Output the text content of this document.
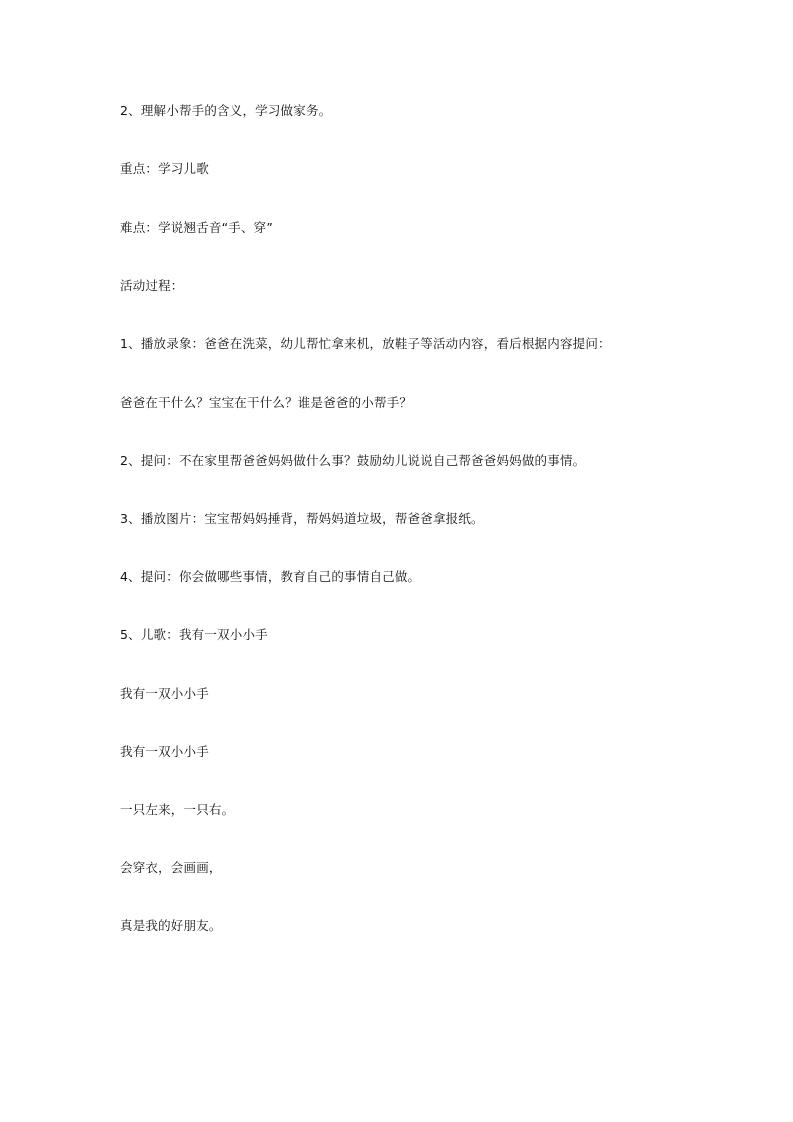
2、理解小帮手的含义，学习做家务。

重点：学习儿歌

难点：学说翘舌音“手、穿”

活动过程：

1、播放录象：爸爸在洗菜，幼儿帮忙拿来机，放鞋子等活动内容，看后根据内容提问：

爸爸在干什么？宝宝在干什么？谁是爸爸的小帮手？

2、提问：不在家里帮爸爸妈妈做什么事？鼓励幼儿说说自己帮爸爸妈妈做的事情。

3、播放图片：宝宝帮妈妈捶背，帮妈妈道垃圾，帮爸爸拿报纸。

4、提问：你会做哪些事情，教育自己的事情自己做。

5、儿歌：我有一双小小手

我有一双小小手

我有一双小小手

一只左来，一只右。

会穿衣，会画画，

真是我的好朋友。
